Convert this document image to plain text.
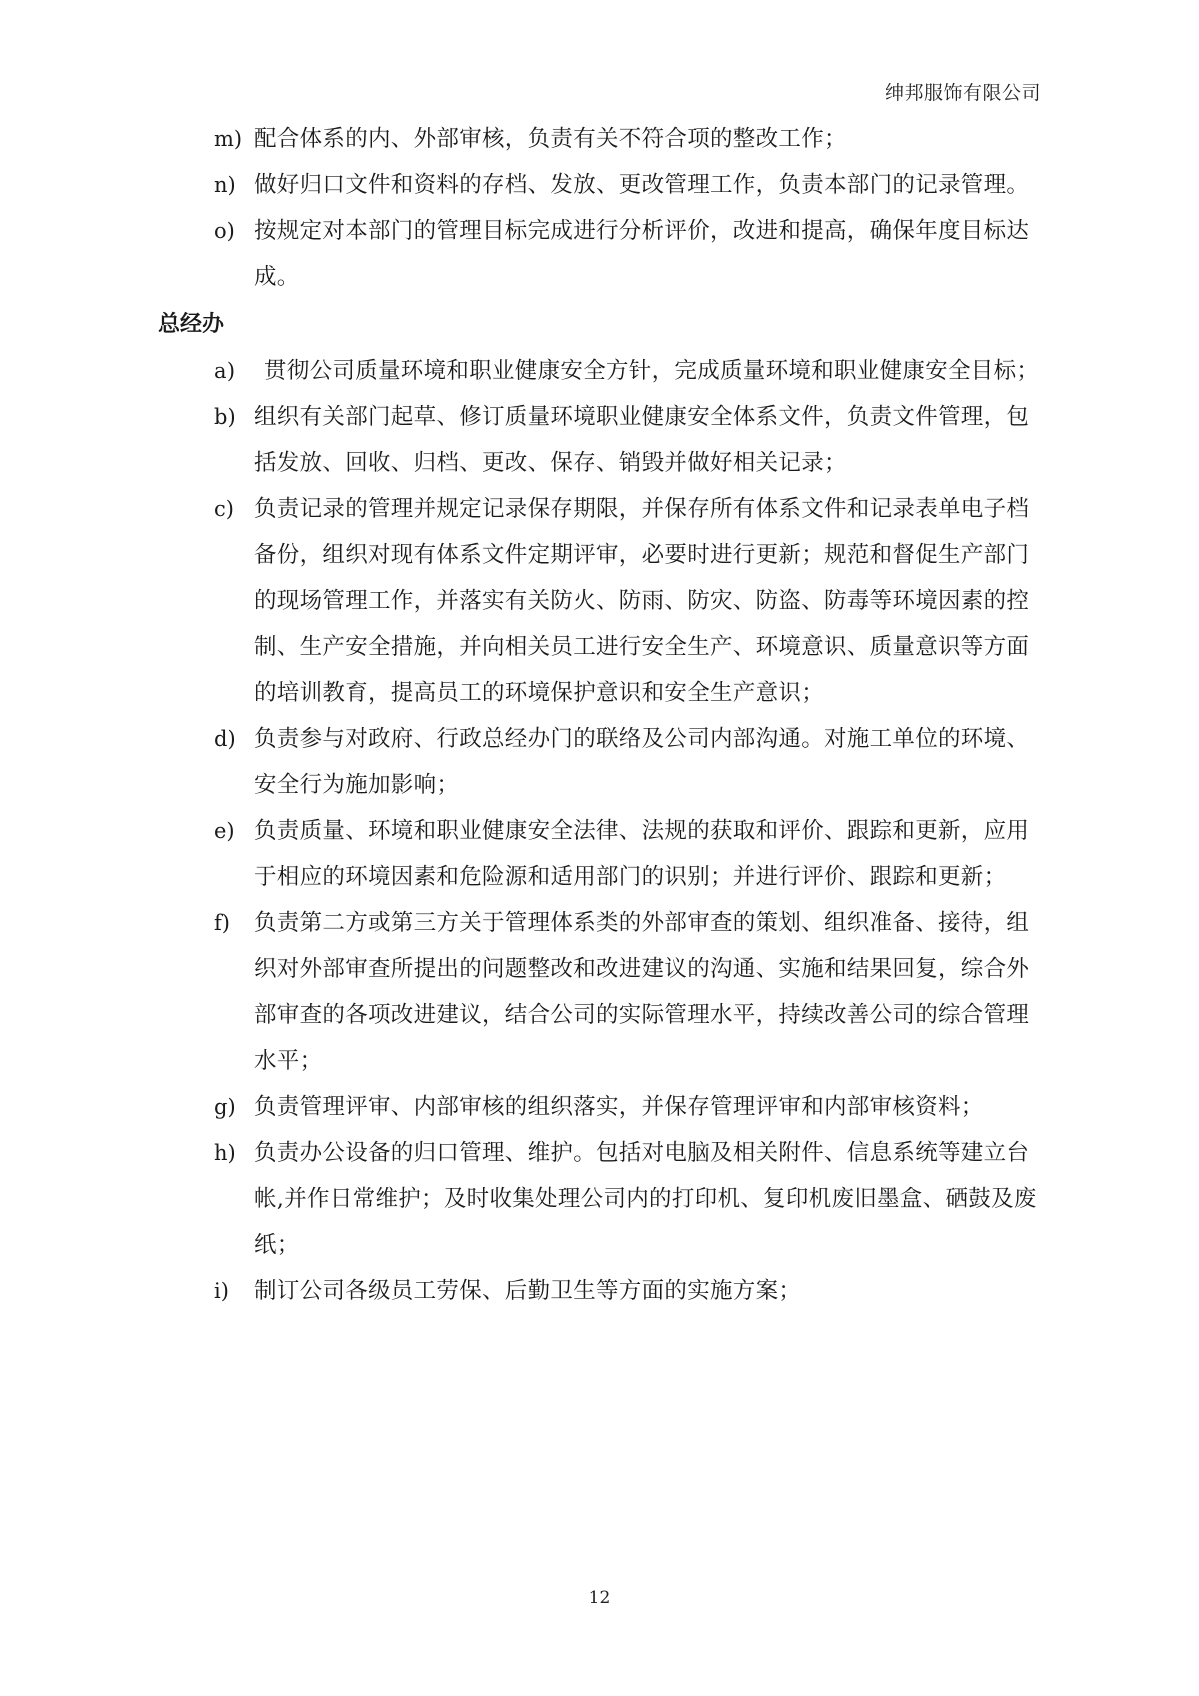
绅邦服饰有限公司
m) 配合体系的内、外部审核，负责有关不符合项的整改工作；
n) 做好归口文件和资料的存档、发放、更改管理工作，负责本部门的记录管理。
o) 按规定对本部门的管理目标完成进行分析评价，改进和提高，确保年度目标达成。
总经办
a) 贯彻公司质量环境和职业健康安全方针，完成质量环境和职业健康安全目标；
b) 组织有关部门起草、修订质量环境职业健康安全体系文件，负责文件管理，包括发放、回收、归档、更改、保存、销毁并做好相关记录；
c) 负责记录的管理并规定记录保存期限，并保存所有体系文件和记录表单电子档备份，组织对现有体系文件定期评审，必要时进行更新；规范和督促生产部门的现场管理工作，并落实有关防火、防雨、防灾、防盗、防毒等环境因素的控制、生产安全措施，并向相关员工进行安全生产、环境意识、质量意识等方面的培训教育，提高员工的环境保护意识和安全生产意识；
d) 负责参与对政府、行政总经办门的联络及公司内部沟通。对施工单位的环境、安全行为施加影响；
e) 负责质量、环境和职业健康安全法律、法规的获取和评价、跟踪和更新，应用于相应的环境因素和危险源和适用部门的识别；并进行评价、跟踪和更新；
f) 负责第二方或第三方关于管理体系类的外部审查的策划、组织准备、接待，组织对外部审查所提出的问题整改和改进建议的沟通、实施和结果回复，综合外部审查的各项改进建议，结合公司的实际管理水平，持续改善公司的综合管理水平；
g) 负责管理评审、内部审核的组织落实，并保存管理评审和内部审核资料；
h) 负责办公设备的归口管理、维护。包括对电脑及相关附件、信息系统等建立台帐,并作日常维护；及时收集处理公司内的打印机、复印机废旧墨盒、硒鼓及废纸；
i) 制订公司各级员工劳保、后勤卫生等方面的实施方案；
12
